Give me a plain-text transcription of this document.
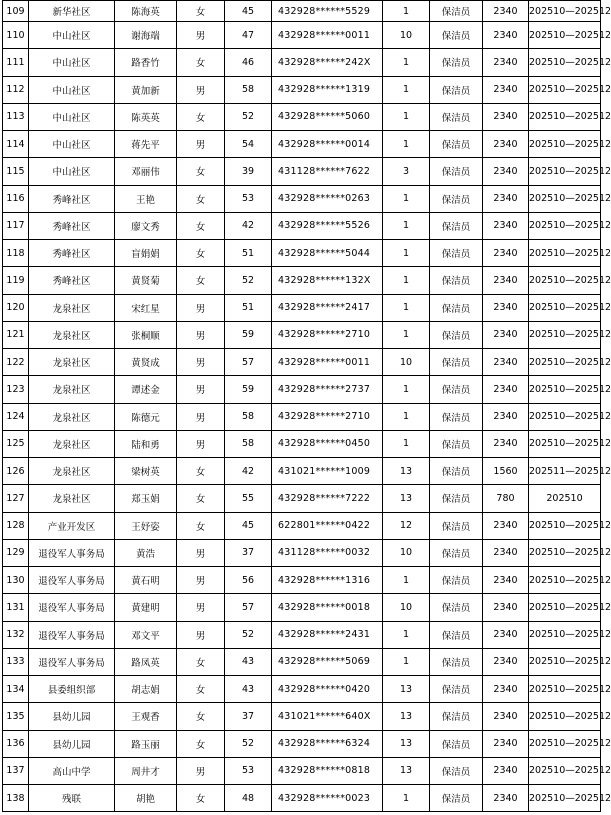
109	新华社区	陈海英	女	45	432928******5529	1	保洁员	2340	202510—202512
110	中山社区	谢海端	男	47	432928******0011	10	保洁员	2340	202510—202512
111	中山社区	路香竹	女	46	432928******242X	1	保洁员	2340	202510—202512
112	中山社区	黄加新	男	58	432928******1319	1	保洁员	2340	202510—202512
113	中山社区	陈英英	女	52	432928******5060	1	保洁员	2340	202510—202512
114	中山社区	蒋先平	男	54	432928******0014	1	保洁员	2340	202510—202512
115	中山社区	邓丽伟	女	39	431128******7622	3	保洁员	2340	202510—202512
116	秀峰社区	王艳	女	53	432928******0263	1	保洁员	2340	202510—202512
117	秀峰社区	廖文秀	女	42	432928******5526	1	保洁员	2340	202510—202512
118	秀峰社区	盲娟娟	女	51	432928******5044	1	保洁员	2340	202510—202512
119	秀峰社区	黄贤菊	女	52	432928******132X	1	保洁员	2340	202510—202512
120	龙泉社区	宋红星	男	51	432928******2417	1	保洁员	2340	202510—202512
121	龙泉社区	张桐顺	男	59	432928******2710	1	保洁员	2340	202510—202512
122	龙泉社区	黄贤成	男	57	432928******0011	10	保洁员	2340	202510—202512
123	龙泉社区	谭述金	男	59	432928******2737	1	保洁员	2340	202510—202512
124	龙泉社区	陈德元	男	58	432928******2710	1	保洁员	2340	202510—202512
125	龙泉社区	陆和勇	男	58	432928******0450	1	保洁员	2340	202510—202512
126	龙泉社区	梁树英	女	42	431021******1009	13	保洁员	1560	202511—202512
127	龙泉社区	郑玉娟	女	55	432928******7222	13	保洁员	780	202510
128	产业开发区	王妤姿	女	45	622801******0422	12	保洁员	2340	202510—202512
129	退役军人事务局	黄浩	男	37	431128******0032	10	保洁员	2340	202510—202512
130	退役军人事务局	黄石明	男	56	432928******1316	1	保洁员	2340	202510—202512
131	退役军人事务局	黄建明	男	57	432928******0018	10	保洁员	2340	202510—202512
132	退役军人事务局	邓文平	男	52	432928******2431	1	保洁员	2340	202510—202512
133	退役军人事务局	路凤英	女	43	432928******5069	1	保洁员	2340	202510—202512
134	县委组织部	胡志娟	女	43	432928******0420	13	保洁员	2340	202510—202512
135	县幼儿园	王观香	女	37	431021******640X	13	保洁员	2340	202510—202512
136	县幼儿园	路玉丽	女	52	432928******6324	13	保洁员	2340	202510—202512
137	高山中学	周井才	男	53	432928******0818	13	保洁员	2340	202510—202512
138	残联	胡艳	女	48	432928******0023	1	保洁员	2340	202510—202512
